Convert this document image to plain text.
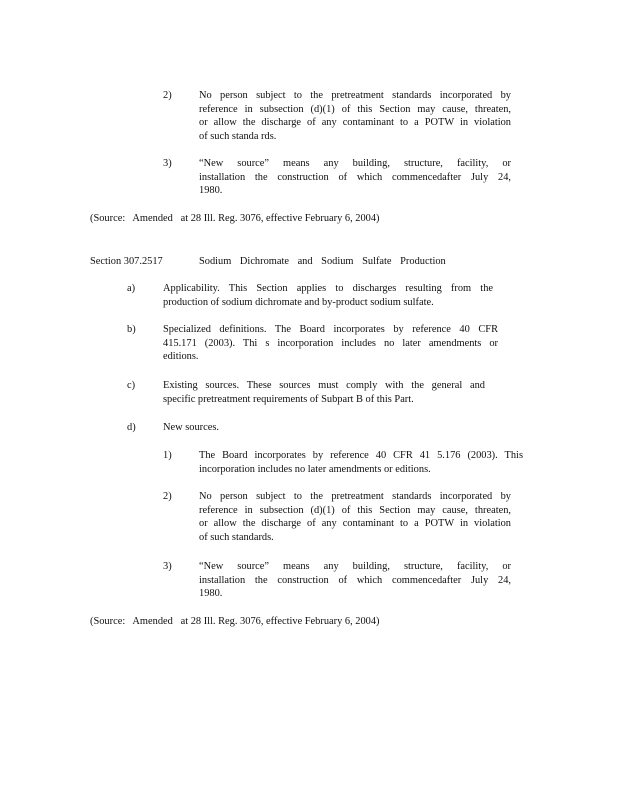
2)	No person subject to the pretreatment standards incorporated by
reference in subsection (d)(1) of this Section may cause, threaten,
or allow the discharge of any contaminant to a POTW in violation
of such standa rds.
3)	“New source” means any building, structure, facility, or
installation the construction of which commencedafter July 24,
1980.
(Source:   Amended   at 28 Ill. Reg. 3076, effective February 6, 2004)
Section 307.2517	Sodium Dichromate and Sodium Sulfate Production
a)	Applicability. This Section applies to discharges resulting from the
production of sodium dichromate and by-product sodium sulfate.
b)	Specialized definitions. The Board incorporates by reference 40 CFR
415.171 (2003). Thi s incorporation includes no later amendments or
editions.
c)	Existing sources. These sources must comply with the general and
specific pretreatment requirements of Subpart B of this Part.
d)	New sources.
1)	The Board incorporates by reference 40 CFR 41 5.176 (2003). This
incorporation includes no later amendments or editions.
2)	No person subject to the pretreatment standards incorporated by
reference in subsection (d)(1) of this Section may cause, threaten,
or allow the discharge of any contaminant to a POTW in violation
of such standards.
3)	“New source” means any building, structure, facility, or
installation the construction of which commencedafter July 24,
1980.
(Source:   Amended   at 28 Ill. Reg. 3076, effective February 6, 2004)
